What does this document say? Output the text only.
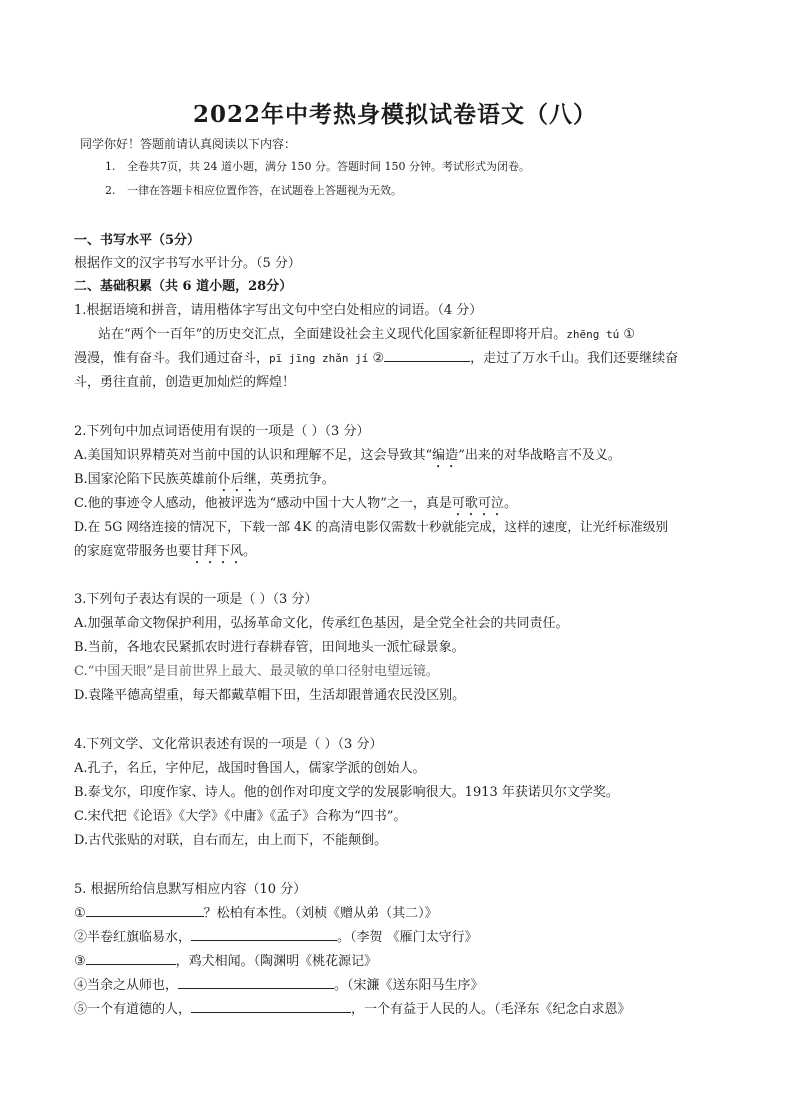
2022年中考热身模拟试卷语文（八）
同学你好！答题前请认真阅读以下内容：
1. 全卷共7页，共 24 道小题，满分 150 分。答题时间 150 分钟。考试形式为闭卷。
2. 一律在答题卡相应位置作答，在试题卷上答题视为无效。
一、书写水平（5分）
根据作文的汉字书写水平计分。（5 分）
二、基础积累（共 6 道小题，28分）
1.根据语境和拼音，请用楷体字写出文句中空白处相应的词语。（4 分）
站在“两个一百年”的历史交汇点，全面建设社会主义现代化国家新征程即将开启。zhēng tú ①
漫漫，惟有奋斗。我们通过奋斗，pī jīng zhǎn jí ②	，走过了万水千山。我们还要继续奋
斗，勇往直前，创造更加灿烂的辉煌！
2.下列句中加点词语使用有误的一项是（ ）（3 分）
A.美国知识界精英对当前中国的认识和理解不足，这会导致其“编造”出来的对华战略言不及义。
B.国家沦陷下民族英雄前仆后继，英勇抗争。
C.他的事迹令人感动，他被评选为“感动中国十大人物”之一，真是可歌可泣。
D.在 5G 网络连接的情况下，下载一部 4K 的高清电影仅需数十秒就能完成，这样的速度，让光纤标准级别
的家庭宽带服务也要甘拜下风。
3.下列句子表达有误的一项是（ ）（3 分）
A.加强革命文物保护利用，弘扬革命文化，传承红色基因，是全党全社会的共同责任。
B.当前，各地农民紧抓农时进行春耕春管，田间地头一派忙碌景象。
C.“中国天眼”是目前世界上最大、最灵敏的单口径射电望远镜。
D.袁隆平德高望重，每天都戴草帽下田，生活却跟普通农民没区别。
4.下列文学、文化常识表述有误的一项是（ ）（3 分）
A.孔子，名丘，字仲尼，战国时鲁国人，儒家学派的创始人。
B.泰戈尔，印度作家、诗人。他的创作对印度文学的发展影响很大。1913 年获诺贝尔文学奖。
C.宋代把《论语》《大学》《中庸》《孟子》合称为“四书”。
D.古代张贴的对联，自右而左，由上而下，不能颠倒。
5. 根据所给信息默写相应内容（10 分）
①	？松柏有本性。（刘桢《赠从弟（其二）》
②半卷红旗临易水，	。（李贺 《雁门太守行》
③	，鸡犬相闻。（陶渊明《桃花源记》
④当余之从师也，	。（宋濂《送东阳马生序》
⑤一个有道德的人，	，一个有益于人民的人。（毛泽东《纪念白求恩》
